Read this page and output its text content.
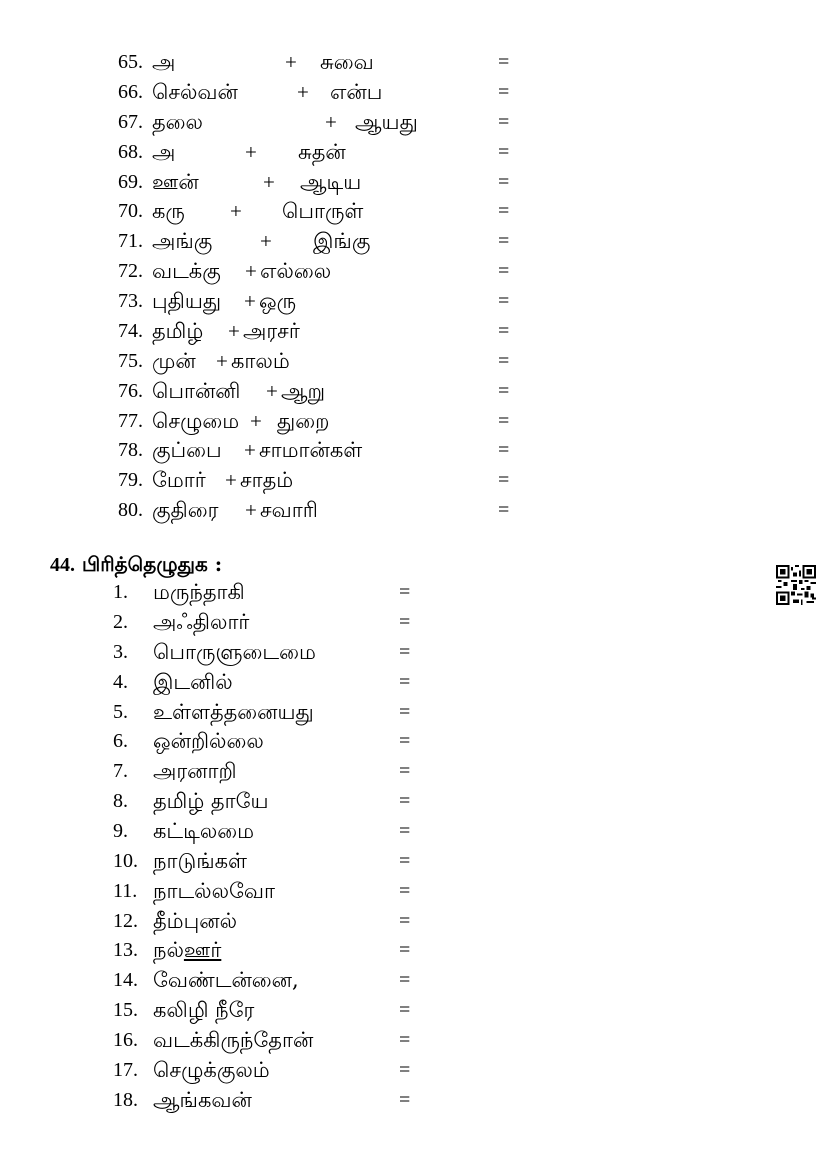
65. அ	+ சுவை	=
66. செல்வன்	+ என்ப	=
67. தலை	+ ஆயது	=
68. அ	+ சுதன்	=
69. ஊன்	+ ஆடிய	=
70. கரு + பொருள்	=
71. அங்கு + இங்கு	=
72. வடக்கு + எல்லை	=
73. புதியது + ஒரு	=
74. தமிழ் + அரசர்	=
75. முன் + காலம்	=
76. பொன்னி + ஆறு	=
77. செழுமை + துறை	=
78. குப்பை + சாமான்கள்	=
79. மோர் + சாதம்	=
80. குதிரை + சவாரி	=
44. பிரித்தெழுதுக :
1. மருந்தாகி	=
2. அஃதிலார்	=
3. பொருளுடைமை	=
4. இடனில்	=
5. உள்ளத்தனையது	=
6. ஒன்றில்லை	=
7. அரனாறி	=
8. தமிழ் தாயே	=
9. கட்டிலமை	=
10. நாடுங்கள்	=
11. நாடல்லவோ	=
12. தீம்புனல்	=
13. நல்ஊர்	=
14. வேண்டன்னை,	=
15. கலிழி நீரே	=
16. வடக்கிருந்தோன்	=
17. செழுக்குலம்	=
18. ஆங்கவன்	=
